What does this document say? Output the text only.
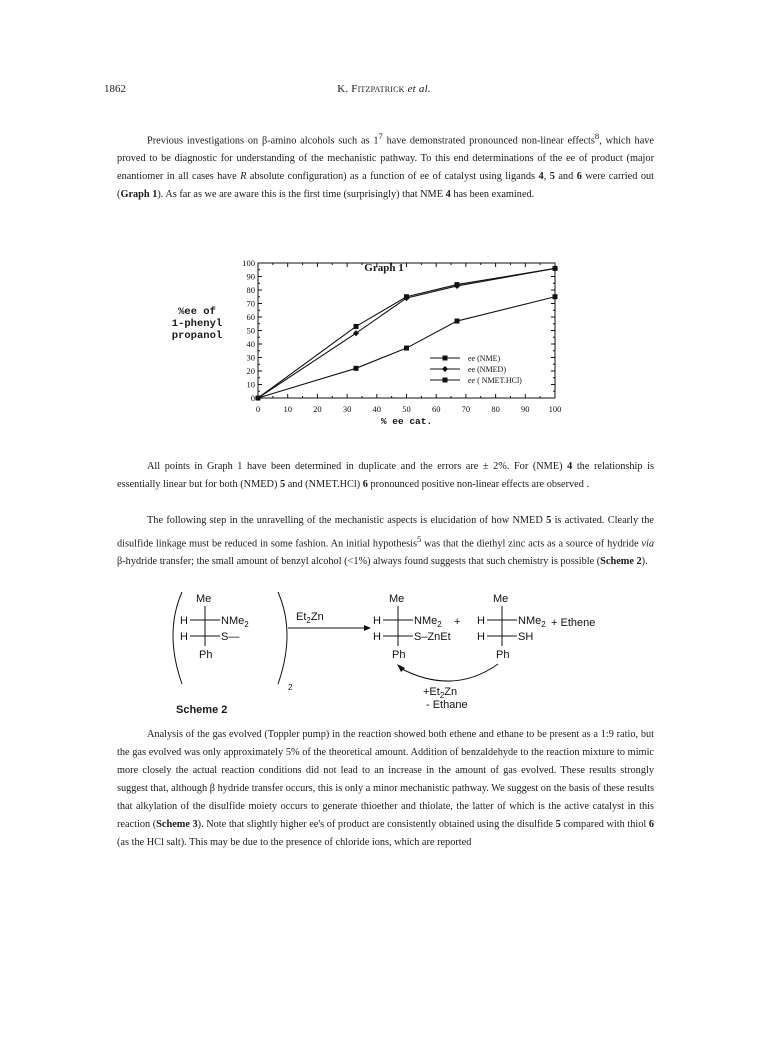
1862	K. Fitzpatrick et al.

Previous investigations on β-amino alcohols such as $1^7$ have demonstrated pronounced non-linear effects$^8$, which have proved to be diagnostic for understanding of the mechanistic pathway. To this end determinations of the ee of product (major enantiomer in all cases have R absolute configuration) as a function of ee of catalyst using ligands 4, 5 and 6 were carried out (Graph 1). As far as we are aware this is the first time (surprisingly) that NME 4 has been examined.

Graph 1
%ee of
1-phenyl
propanol
0
10
20
30
40
50
60
70
80
90
100
0	10 20 30 40 50 60 70 80 90 100
% ee cat.
ee (NME)
ee (NMED)
ee ( NMET.HCl)

All points in Graph 1 have been determined in duplicate and the errors are ± 2%. For (NME) 4 the relationship is essentially linear but for both (NMED) 5 and (NMET.HCl) 6 pronounced positive non-linear effects are observed .

The following step in the unravelling of the mechanistic aspects is elucidation of how NMED 5 is activated. Clearly the disulfide linkage must be reduced in some fashion. An initial hypothesis$^5$ was that the diethyl zinc acts as a source of hydride via β-hydride transfer; the small amount of benzyl alcohol (<1%) always found suggests that such chemistry is possible (Scheme 2).

2
Me
H	NMe$_2$
H	S—
Ph
$Et_2Zn$
Me
H	NMe$_2$
H	S–ZnEt
Ph
+
Me
H	NMe$_2$
H	SH
Ph
+ Ethene
$+Et_2Zn$
- Ethane
Scheme 2

Analysis of the gas evolved (Toppler pump) in the reaction showed both ethene and ethane to be present as a 1:9 ratio, but the gas evolved was only approximately 5% of the theoretical amount. Addition of benzaldehyde to the reaction mixture to mimic more closely the actual reaction conditions did not lead to an increase in the amount of gas evolved. These results strongly suggest that, although β hydride transfer occurs, this is only a minor mechanistic pathway. We suggest on the basis of these results that alkylation of the disulfide moiety occurs to generate thioether and thiolate, the latter of which is the active catalyst in this reaction (Scheme 3). Note that slightly higher ee's of product are consistently obtained using the disulfide 5 compared with thiol 6 (as the HCl salt). This may be due to the presence of chloride ions, which are reported
